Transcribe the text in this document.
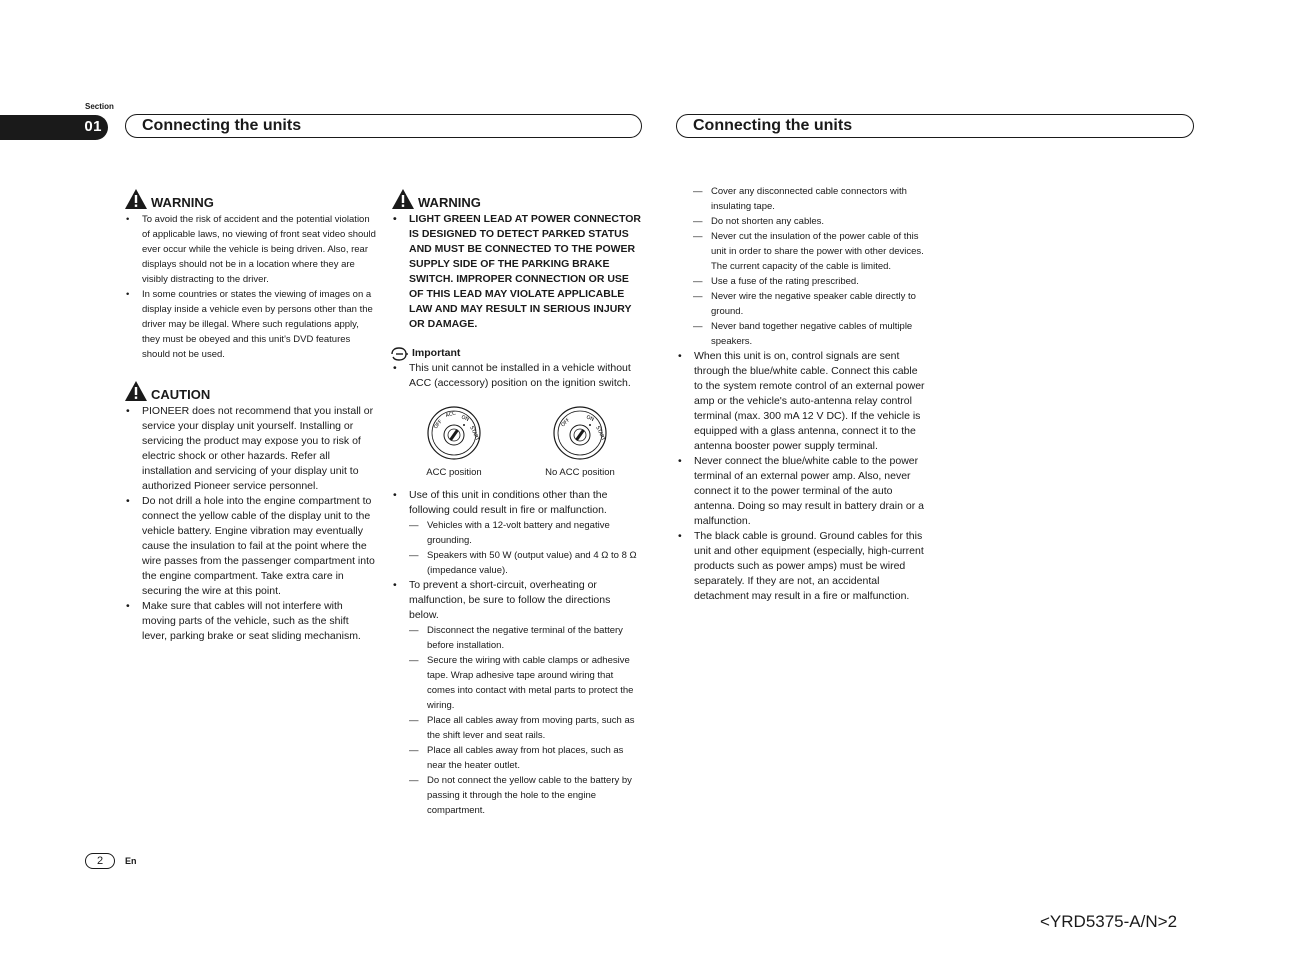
Section
01	Connecting the units	Connecting the units
WARNING
• To avoid the risk of accident and the potential violation of applicable laws, no viewing of front seat video should ever occur while the vehicle is being driven. Also, rear displays should not be in a location where they are visibly distracting to the driver.
• In some countries or states the viewing of images on a display inside a vehicle even by persons other than the driver may be illegal. Where such regulations apply, they must be obeyed and this unit's DVD features should not be used.
CAUTION
• PIONEER does not recommend that you install or service your display unit yourself. Installing or servicing the product may expose you to risk of electric shock or other hazards. Refer all installation and servicing of your display unit to authorized Pioneer service personnel.
• Do not drill a hole into the engine compartment to connect the yellow cable of the display unit to the vehicle battery. Engine vibration may eventually cause the insulation to fail at the point where the wire passes from the passenger compartment into the engine compartment. Take extra care in securing the wire at this point.
• Make sure that cables will not interfere with moving parts of the vehicle, such as the shift lever, parking brake or seat sliding mechanism.
WARNING
• LIGHT GREEN LEAD AT POWER CONNECTOR IS DESIGNED TO DETECT PARKED STATUS AND MUST BE CONNECTED TO THE POWER SUPPLY SIDE OF THE PARKING BRAKE SWITCH. IMPROPER CONNECTION OR USE OF THIS LEAD MAY VIOLATE APPLICABLE LAW AND MAY RESULT IN SERIOUS INJURY OR DAMAGE.
Important
• This unit cannot be installed in a vehicle without ACC (accessory) position on the ignition switch.
OFF
ACC ON
START
ACC position
OFF	ON
START
No ACC position
• Use of this unit in conditions other than the following could result in fire or malfunction.
— Vehicles with a 12-volt battery and negative grounding.
— Speakers with 50 W (output value) and 4 Ω to 8 Ω (impedance value).
• To prevent a short-circuit, overheating or malfunction, be sure to follow the directions below.
— Disconnect the negative terminal of the battery before installation.
— Secure the wiring with cable clamps or adhesive tape. Wrap adhesive tape around wiring that comes into contact with metal parts to protect the wiring.
— Place all cables away from moving parts, such as the shift lever and seat rails.
— Place all cables away from hot places, such as near the heater outlet.
— Do not connect the yellow cable to the battery by passing it through the hole to the engine compartment.
— Cover any disconnected cable connectors with insulating tape.
— Do not shorten any cables.
— Never cut the insulation of the power cable of this unit in order to share the power with other devices. The current capacity of the cable is limited.
— Use a fuse of the rating prescribed.
— Never wire the negative speaker cable directly to ground.
— Never band together negative cables of multiple speakers.
• When this unit is on, control signals are sent through the blue/white cable. Connect this cable to the system remote control of an external power amp or the vehicle's auto-antenna relay control terminal (max. 300 mA 12 V DC). If the vehicle is equipped with a glass antenna, connect it to the antenna booster power supply terminal.
• Never connect the blue/white cable to the power terminal of an external power amp. Also, never connect it to the power terminal of the auto antenna. Doing so may result in battery drain or a malfunction.
• The black cable is ground. Ground cables for this unit and other equipment (especially, high-current products such as power amps) must be wired separately. If they are not, an accidental detachment may result in a fire or malfunction.
2	En
<YRD5375-A/N>2
